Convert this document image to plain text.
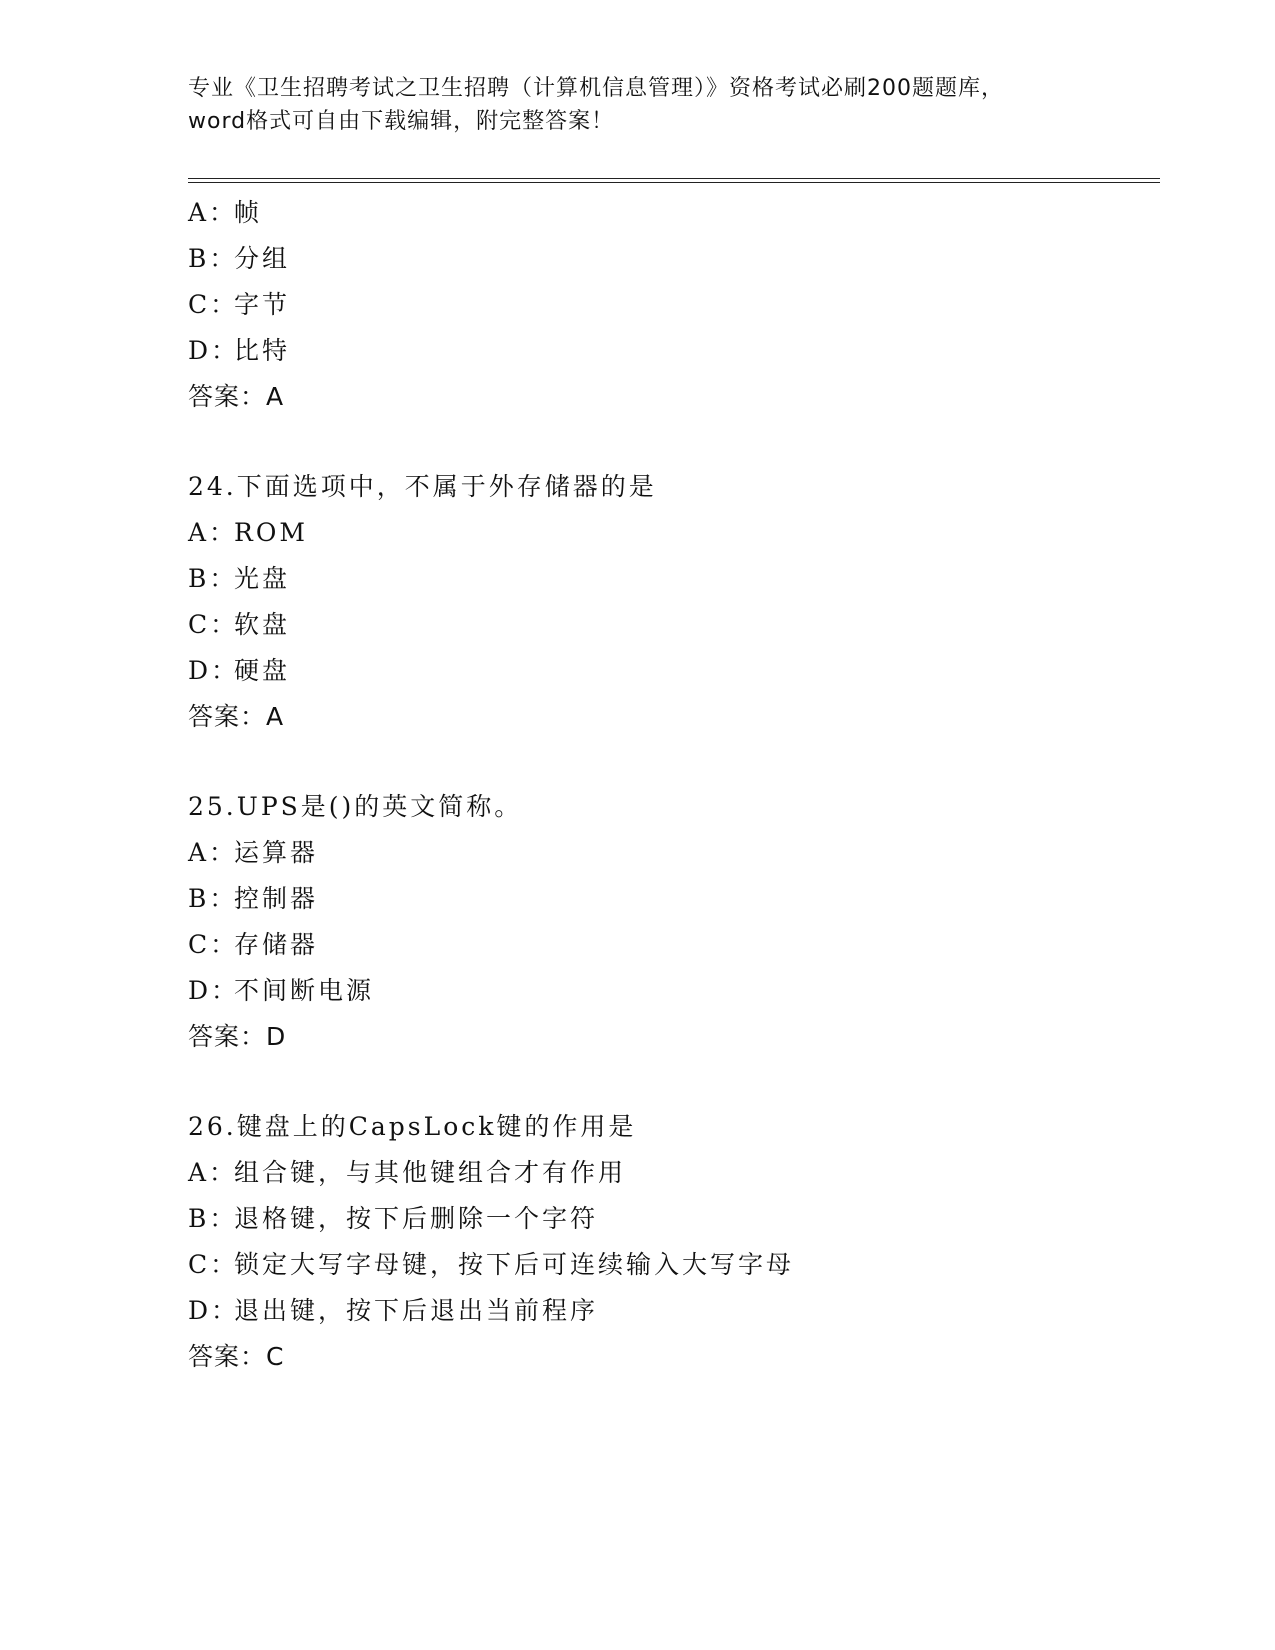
专业《卫生招聘考试之卫生招聘（计算机信息管理）》资格考试必刷200题题库，
word格式可自由下载编辑，附完整答案！
A：帧
B：分组
C：字节
D：比特
答案：A
24.下面选项中，不属于外存储器的是
A：ROM
B：光盘
C：软盘
D：硬盘
答案：A
25.UPS是()的英文简称。
A：运算器
B：控制器
C：存储器
D：不间断电源
答案：D
26.键盘上的CapsLock键的作用是
A：组合键，与其他键组合才有作用
B：退格键，按下后删除一个字符
C：锁定大写字母键，按下后可连续输入大写字母
D：退出键，按下后退出当前程序
答案：C
